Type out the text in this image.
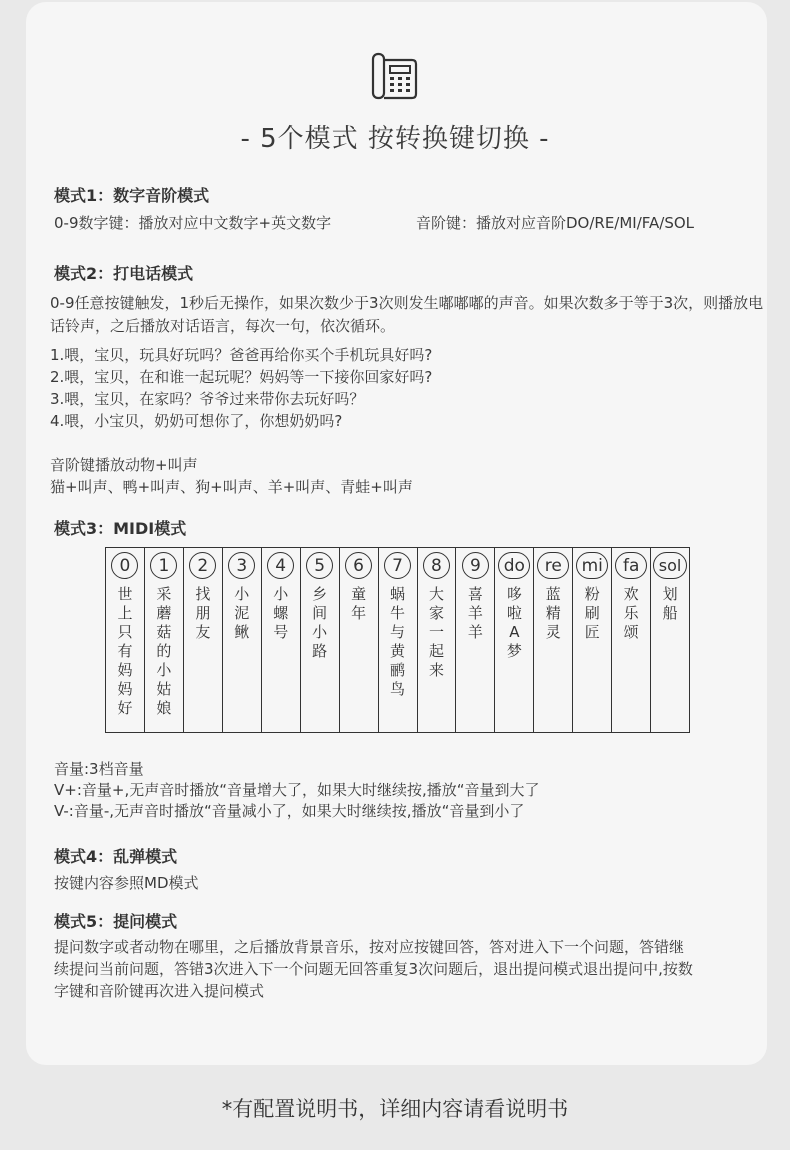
- 5个模式 按转换键切换 -
模式1：数字音阶模式
0-9数字键：播放对应中文数字+英文数字	音阶键：播放对应音阶DO/RE/MI/FA/SOL
模式2：打电话模式
0-9任意按键触发，1秒后无操作，如果次数少于3次则发生嘟嘟嘟的声音。如果次数多于等于3次，则播放电话铃声，之后播放对话语言，每次一句，依次循环。
1.喂，宝贝，玩具好玩吗？爸爸再给你买个手机玩具好吗?
2.喂，宝贝，在和谁一起玩呢？妈妈等一下接你回家好吗?
3.喂，宝贝，在家吗？爷爷过来带你去玩好吗？
4.喂，小宝贝，奶奶可想你了，你想奶奶吗?
音阶键播放动物+叫声
猫+叫声、鸭+叫声、狗+叫声、羊+叫声、青蛙+叫声
模式3：MIDI模式
0
世上只有妈妈好
1
采蘑菇的小姑娘
2
找朋友
3
小泥鳅
4
小螺号
5
乡间小路
6
童年
7
蜗牛与黄鹂鸟
8
大家一起来
9
喜羊羊
do
哆啦A梦
re
蓝精灵
mi
粉刷匠
fa
欢乐颂
sol
划船
音量:3档音量
V+:音量+,无声音时播放“音量增大了，如果大时继续按,播放“音量到大了
V-:音量-,无声音时播放“音量减小了，如果大时继续按,播放“音量到小了
模式4：乱弹模式
按键内容参照MD模式
模式5：提问模式
提问数字或者动物在哪里，之后播放背景音乐，按对应按键回答，答对进入下一个问题，答错继续提问当前问题，答错3次进入下一个问题无回答重复3次问题后，退出提问模式退出提问中,按数字键和音阶键再次进入提问模式
*有配置说明书，详细内容请看说明书
